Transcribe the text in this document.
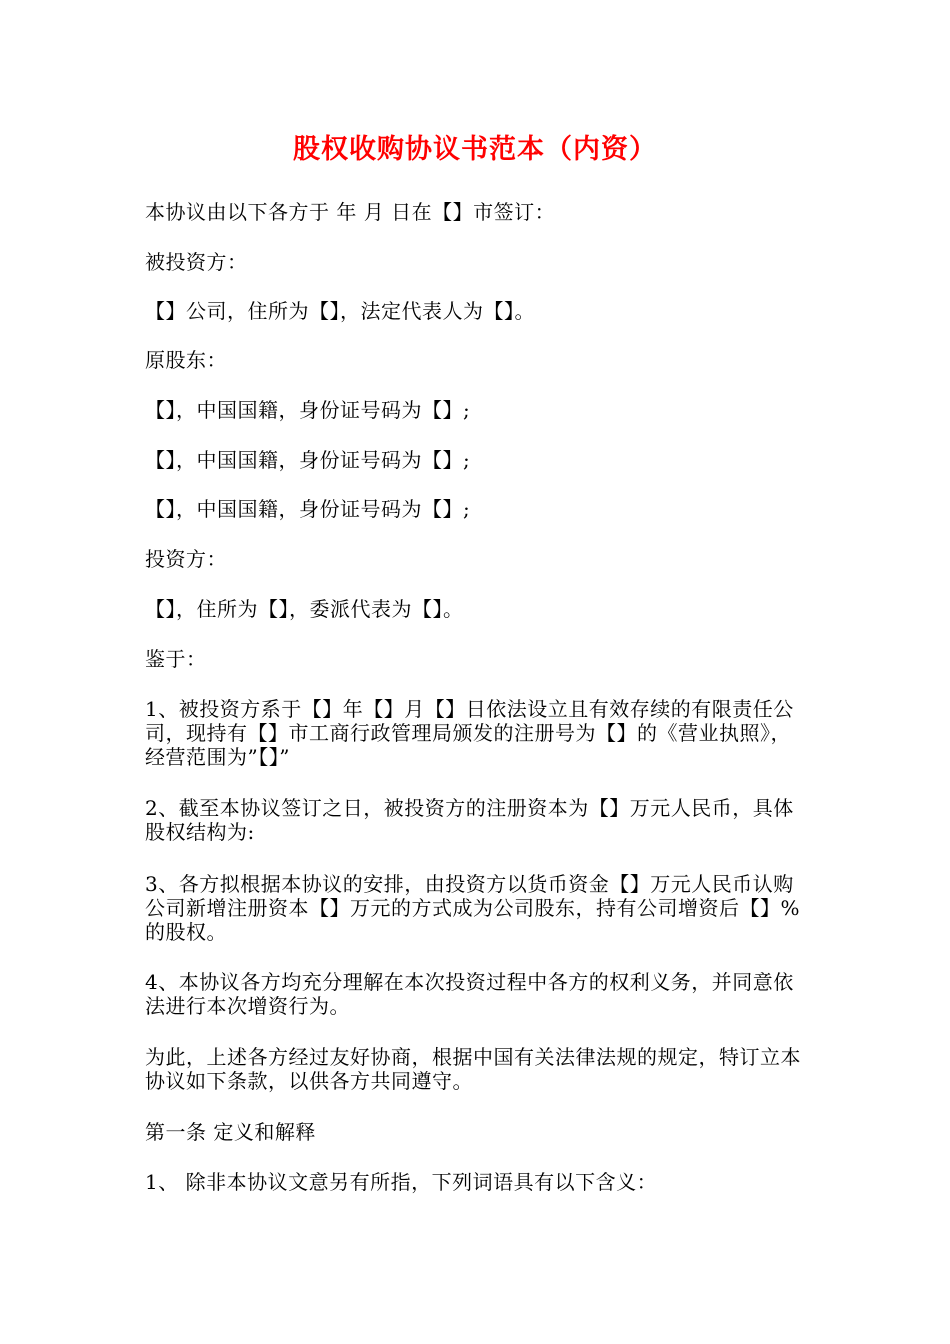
股权收购协议书范本（内资）
本协议由以下各方于 年 月 日在【】市签订：
被投资方：
【】公司，住所为【】，法定代表人为【】。
原股东：
【】，中国国籍，身份证号码为【】;
【】，中国国籍，身份证号码为【】;
【】，中国国籍，身份证号码为【】;
投资方：
【】，住所为【】，委派代表为【】。
鉴于：
1、被投资方系于【】年【】月【】日依法设立且有效存续的有限责任公司，现持有【】市工商行政管理局颁发的注册号为【】的《营业执照》，经营范围为”【】”
2、截至本协议签订之日，被投资方的注册资本为【】万元人民币，具体股权结构为:
3、各方拟根据本协议的安排，由投资方以货币资金【】万元人民币认购公司新增注册资本【】万元的方式成为公司股东，持有公司增资后【】%的股权。
4、本协议各方均充分理解在本次投资过程中各方的权利义务，并同意依法进行本次增资行为。
为此，上述各方经过友好协商，根据中国有关法律法规的规定，特订立本协议如下条款，以供各方共同遵守。
第一条 定义和解释
1、 除非本协议文意另有所指，下列词语具有以下含义：
